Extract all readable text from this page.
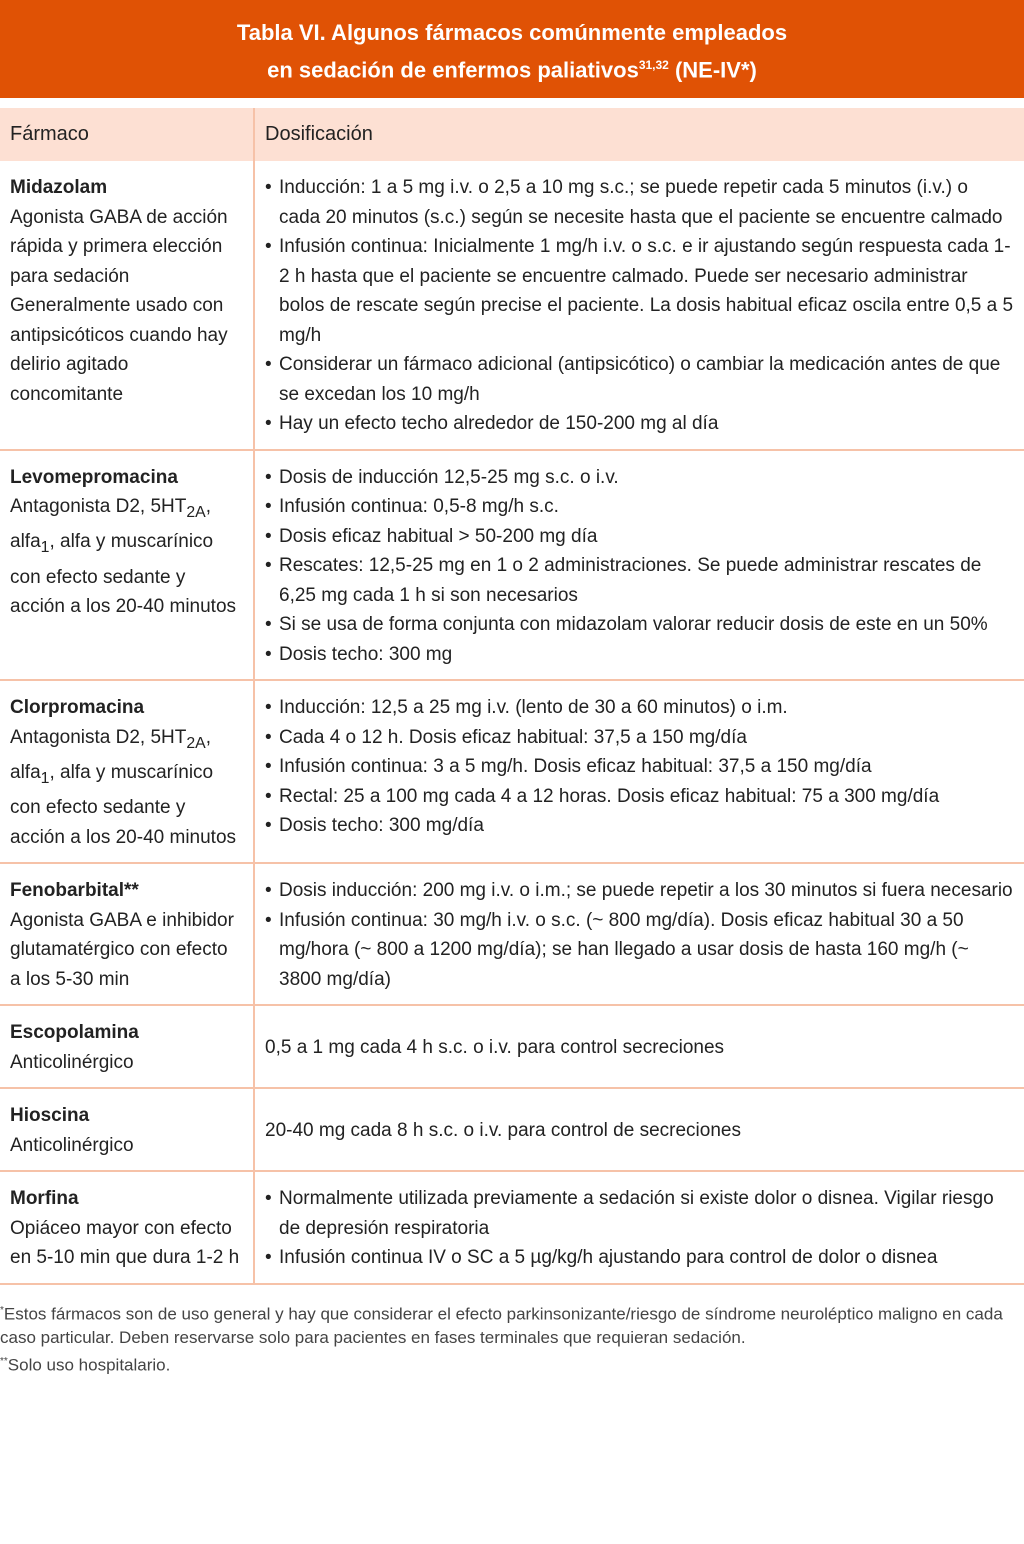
Tabla VI. Algunos fármacos comúnmente empleados
en sedación de enfermos paliativos$^{31,32}$ (NE-IV*)
Fármaco	Dosificación

Midazolam
Agonista GABA de acción rápida y primera elección para sedación Generalmente usado con antipsicóticos cuando hay delirio agitado concomitante

• Inducción: 1 a 5 mg i.v. o 2,5 a 10 mg s.c.; se puede repetir cada 5 minutos (i.v.) o cada 20 minutos (s.c.) según se necesite hasta que el paciente se encuentre calmado
• Infusión continua: Inicialmente 1 mg/h i.v. o s.c. e ir ajustando según respuesta cada 1-2 h hasta que el paciente se encuentre calmado. Puede ser necesario administrar bolos de rescate según precise el paciente. La dosis habitual eficaz oscila entre 0,5 a 5 mg/h
• Considerar un fármaco adicional (antipsicótico) o cambiar la medicación antes de que se excedan los 10 mg/h
• Hay un efecto techo alrededor de 150-200 mg al día

Levomepromacina
Antagonista D2, $5HT_{2A}$, alfa$_1$, alfa y muscarínico con efecto sedante y acción a los 20-40 minutos

• Dosis de inducción 12,5-25 mg s.c. o i.v.
• Infusión continua: 0,5-8 mg/h s.c.
• Dosis eficaz habitual > 50-200 mg día
• Rescates: 12,5-25 mg en 1 o 2 administraciones. Se puede administrar rescates de 6,25 mg cada 1 h si son necesarios
• Si se usa de forma conjunta con midazolam valorar reducir dosis de este en un 50%
• Dosis techo: 300 mg

Clorpromacina
Antagonista D2, $5HT_{2A}$, alfa$_1$, alfa y muscarínico con efecto sedante y acción a los 20-40 minutos

• Inducción: 12,5 a 25 mg i.v. (lento de 30 a 60 minutos) o i.m.
• Cada 4 o 12 h. Dosis eficaz habitual: 37,5 a 150 mg/día
• Infusión continua: 3 a 5 mg/h. Dosis eficaz habitual: 37,5 a 150 mg/día
• Rectal: 25 a 100 mg cada 4 a 12 horas. Dosis eficaz habitual: 75 a 300 mg/día
• Dosis techo: 300 mg/día

Fenobarbital**
Agonista GABA e inhibidor glutamatérgico con efecto a los 5-30 min

• Dosis inducción: 200 mg i.v. o i.m.; se puede repetir a los 30 minutos si fuera necesario
• Infusión continua: 30 mg/h i.v. o s.c. (~ 800 mg/día). Dosis eficaz habitual 30 a 50 mg/hora (~ 800 a 1200 mg/día); se han llegado a usar dosis de hasta 160 mg/h (~ 3800 mg/día)

Escopolamina
Anticolinérgico	0,5 a 1 mg cada 4 h s.c. o i.v. para control secreciones

Hioscina
Anticolinérgico	20-40 mg cada 8 h s.c. o i.v. para control de secreciones

Morfina
Opiáceo mayor con efecto en 5-10 min que dura 1-2 h

• Normalmente utilizada previamente a sedación si existe dolor o disnea. Vigilar riesgo de depresión respiratoria
• Infusión continua IV o SC a 5 µg/kg/h ajustando para control de dolor o disnea
*Estos fármacos son de uso general y hay que considerar el efecto parkinsonizante/riesgo de síndrome neuroléptico maligno en cada caso particular. Deben reservarse solo para pacientes en fases terminales que requieran sedación.
**Solo uso hospitalario.
